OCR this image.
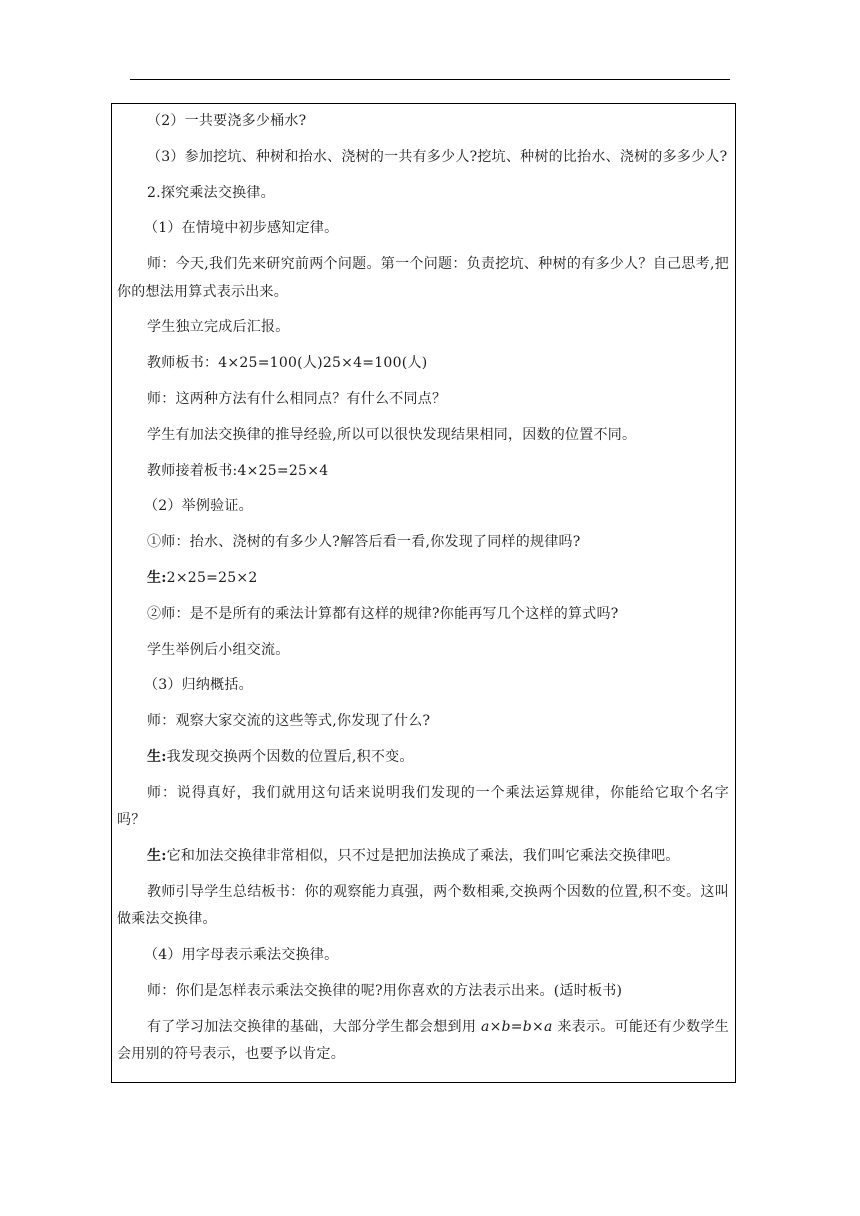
（2）一共要浇多少桶水?

（3）参加挖坑、种树和抬水、浇树的一共有多少人?挖坑、种树的比抬水、浇树的多多少人?

2.探究乘法交换律。

（1）在情境中初步感知定律。

师：今天,我们先来研究前两个问题。第一个问题：负责挖坑、种树的有多少人？自己思考,把你的想法用算式表示出来。

学生独立完成后汇报。

教师板书：4×25=100(人)25×4=100(人)

师：这两种方法有什么相同点？有什么不同点？

学生有加法交换律的推导经验,所以可以很快发现结果相同，因数的位置不同。

教师接着板书:4×25=25×4

（2）举例验证。

①师：抬水、浇树的有多少人?解答后看一看,你发现了同样的规律吗?

生:2×25=25×2

②师：是不是所有的乘法计算都有这样的规律?你能再写几个这样的算式吗?

学生举例后小组交流。

（3）归纳概括。

师：观察大家交流的这些等式,你发现了什么?

生:我发现交换两个因数的位置后,积不变。

师：说得真好，我们就用这句话来说明我们发现的一个乘法运算规律，你能给它取个名字吗？

生:它和加法交换律非常相似，只不过是把加法换成了乘法，我们叫它乘法交换律吧。

教师引导学生总结板书：你的观察能力真强，两个数相乘,交换两个因数的位置,积不变。这叫做乘法交换律。

（4）用字母表示乘法交换律。

师：你们是怎样表示乘法交换律的呢?用你喜欢的方法表示出来。(适时板书)

有了学习加法交换律的基础，大部分学生都会想到用 a×b=b×a 来表示。可能还有少数学生会用别的符号表示，也要予以肯定。
